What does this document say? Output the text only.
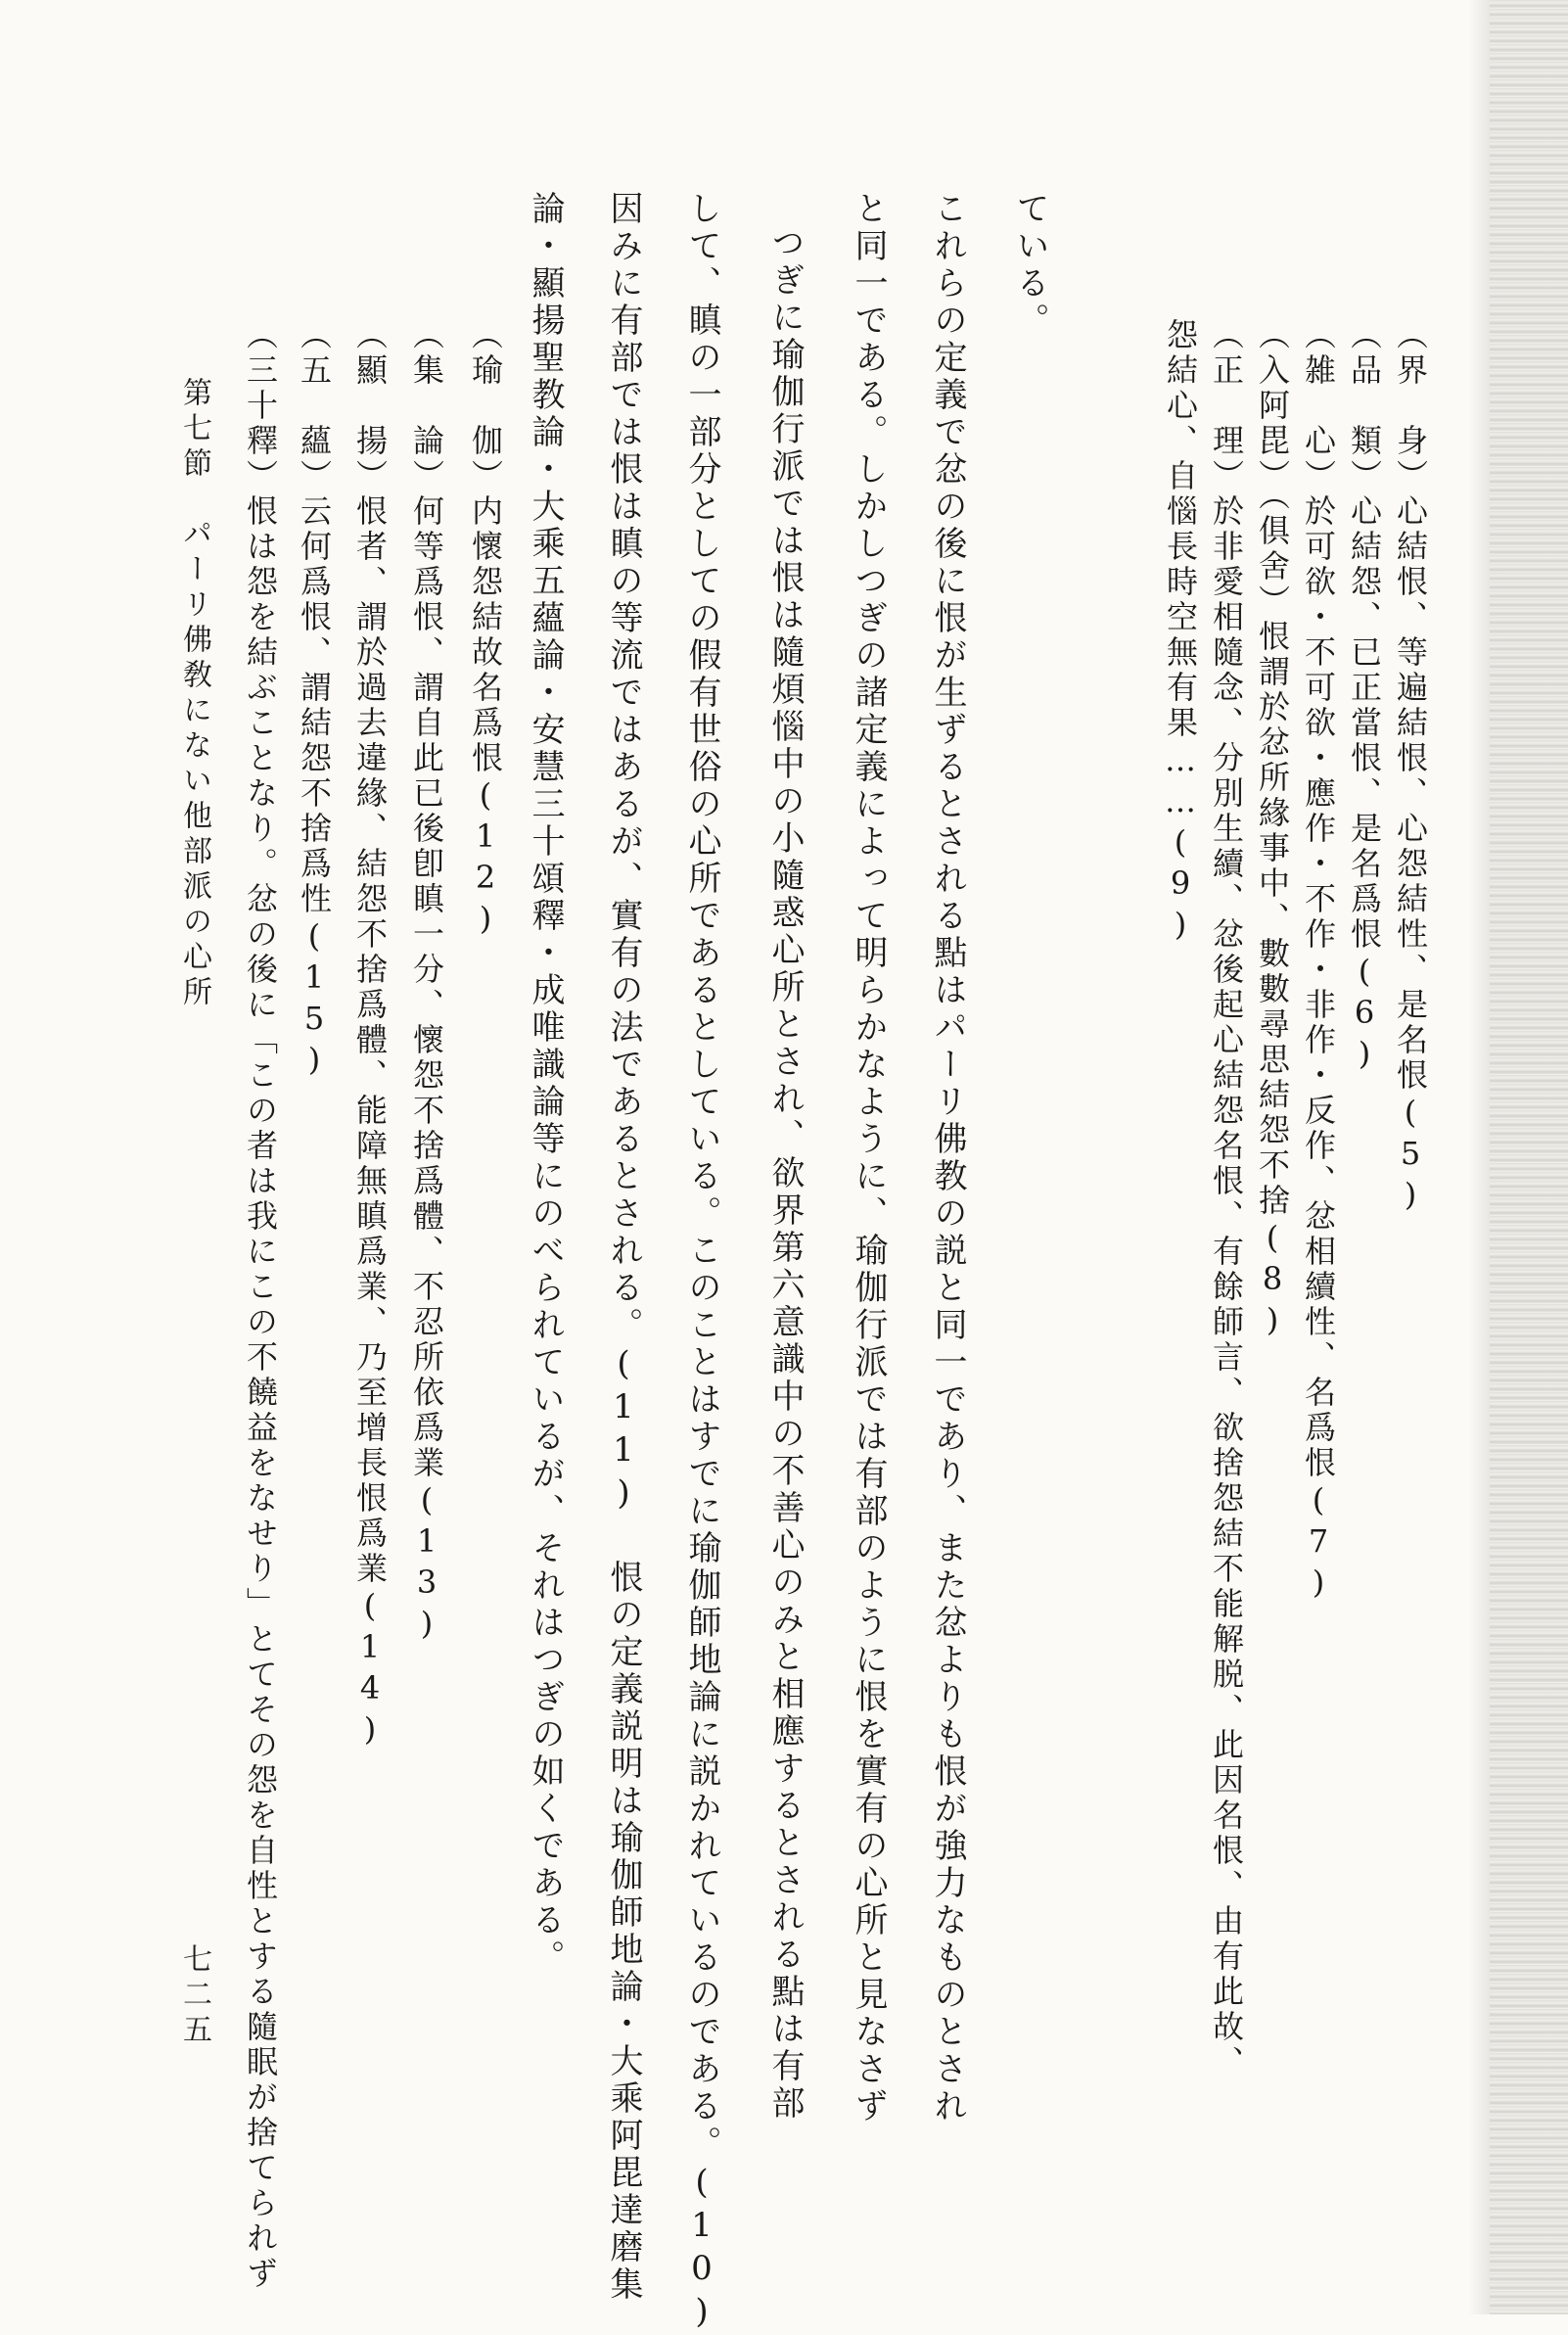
（界　身）心結恨、等遍結恨、心怨結性、是名恨(5)
（品　類）心結怨、已正當恨、是名爲恨(6)
（雑　心）於可欲・不可欲・應作・不作・非作・反作、忿相續性、名爲恨(7)
（入阿毘）（俱舍）恨謂於忿所緣事中、數數尋思結怨不捨(8)
（正　理）於非愛相隨念、分別生續、忿後起心結怨名恨、有餘師言、欲捨怨結不能解脱、此因名恨、由有此故、
怨結心、自惱長時空無有果……(9)
ている。
これらの定義で忿の後に恨が生ずるとされる點はパーリ佛教の説と同一であり、また忿よりも恨が強力なものとされ
と同一である。しかしつぎの諸定義によって明らかなように、瑜伽行派では有部のように恨を實有の心所と見なさず
つぎに瑜伽行派では恨は隨煩惱中の小隨惑心所とされ、欲界第六意識中の不善心のみと相應するとされる點は有部
して、瞋の一部分としての假有世俗の心所であるとしている。このことはすでに瑜伽師地論に説かれているのである。(10)
因みに有部では恨は瞋の等流ではあるが、實有の法であるとされる。(11) 恨の定義説明は瑜伽師地論・大乘阿毘達磨集
論・顯揚聖教論・大乘五蘊論・安慧三十頌釋・成唯識論等にのべられているが、それはつぎの如くである。
（瑜　伽）内懷怨結故名爲恨(12)
（集　論）何等爲恨、謂自此已後卽瞋一分、懷怨不捨爲體、不忍所依爲業(13)
（顯　揚）恨者、謂於過去違緣、結怨不捨爲體、能障無瞋爲業、乃至增長恨爲業(14)
（五　蘊）云何爲恨、謂結怨不捨爲性(15)
（三十釋）恨は怨を結ぶことなり。忿の後に「この者は我にこの不饒益をなせり」とてその怨を自性とする隨眠が捨てられず
第七節　パーリ佛敎にない他部派の心所
七二五
